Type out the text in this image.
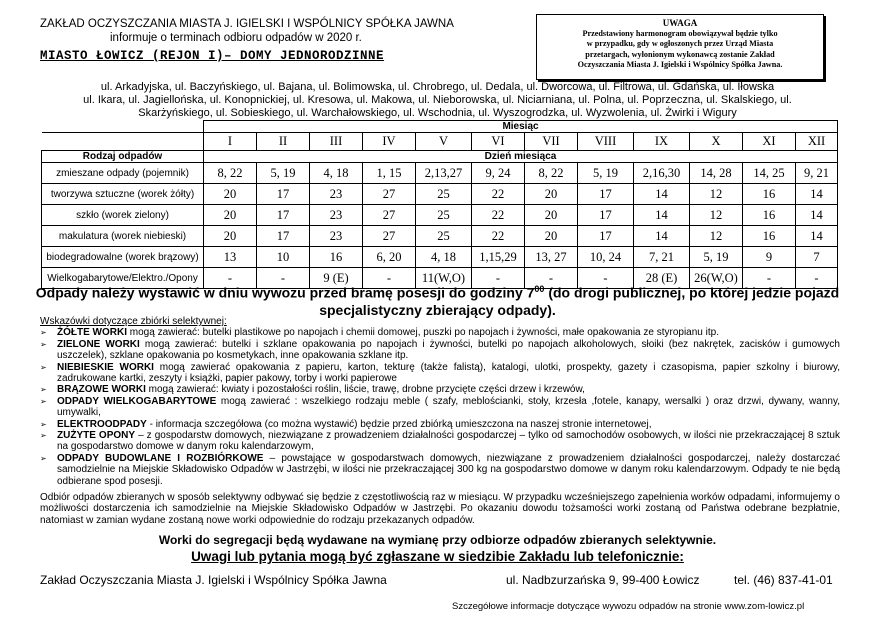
ZAKŁAD OCZYSZCZANIA MIASTA J. IGIELSKI I WSPÓLNICY SPÓŁKA JAWNA
informuje o terminach odbioru odpadów w 2020 r.
MIASTO ŁOWICZ (REJON I)– DOMY JEDNORODZINNE
UWAGA
Przedstawiony harmonogram obowiązywał będzie tylko
w przypadku, gdy w ogłoszonych przez Urząd Miasta
przetargach, wyłonionym wykonawcą zostanie Zakład
Oczyszczania Miasta J. Igielski i Wspólnicy Spółka Jawna.
ul. Arkadyjska, ul. Baczyńskiego, ul. Bajana, ul. Bolimowska, ul. Chrobrego, ul. Dedala, ul. Dworcowa, ul. Filtrowa, ul. Gdańska, ul. Iłowska
ul. Ikara, ul. Jagiellońska, ul. Konopnickiej, ul. Kresowa, ul. Makowa, ul. Nieborowska, ul. Niciarniana, ul. Polna, ul. Poprzeczna, ul. Skalskiego, ul.
Skarżyńskiego, ul. Sobieskiego, ul. Warchałowskiego, ul. Wschodnia, ul. Wyszogrodzka, ul. Wyzwolenia, ul. Żwirki i Wigury
	Miesiąc											
	I	II	III	IV	V	VI	VII	VIII	IX	X	XI	XII
Rodzaj odpadów	Dzień miesiąca											
zmieszane odpady (pojemnik)	8, 22	5, 19	4, 18	1, 15	2,13,27	9, 24	8, 22	5, 19	2,16,30	14, 28	14, 25	9, 21
tworzywa sztuczne (worek żółty)	20	17	23	27	25	22	20	17	14	12	16	14
szkło (worek zielony)	20	17	23	27	25	22	20	17	14	12	16	14
makulatura (worek niebieski)	20	17	23	27	25	22	20	17	14	12	16	14
biodegradowalne (worek brązowy)	13	10	16	6, 20	4, 18	1,15,29	13, 27	10, 24	7, 21	5, 19	9	7
Wielkogabarytowe/Elektro./Opony	-	-	9 (E)	-	11(W,O)	-	-	-	28 (E)	26(W,O)	-	-
Odpady należy wystawić w dniu wywozu przed bramę posesji do godziny $7^{00}$ (do drogi publicznej, po której jedzie pojazd
specjalistyczny zbierający odpady).
Wskazówki dotyczące zbiórki selektywnej:
➢	ŻÓŁTE WORKI mogą zawierać: butelki plastikowe po napojach i chemii domowej, puszki po napojach i żywności, małe opakowania ze styropianu itp.
➢	ZIELONE WORKI mogą zawierać: butelki i szklane opakowania po napojach i żywności, butelki po napojach alkoholowych, słoiki (bez nakrętek, zacisków i gumowych uszczelek), szklane opakowania po kosmetykach, inne opakowania szklane itp.
➢	NIEBIESKIE WORKI mogą zawierać opakowania z papieru, karton, tekturę (także falistą), katalogi, ulotki, prospekty, gazety i czasopisma, papier szkolny i biurowy, zadrukowane kartki, zeszyty i książki, papier pakowy, torby i worki papierowe
➢	BRĄZOWE WORKI mogą zawierać: kwiaty i pozostałości roślin, liście, trawę, drobne przycięte części drzew i krzewów,
➢	ODPADY WIELKOGABARYTOWE mogą zawierać : wszelkiego rodzaju meble ( szafy, meblościanki, stoły, krzesła ,fotele, kanapy, wersalki ) oraz drzwi, dywany, wanny, umywalki,
➢	ELEKTROODPADY - informacja szczegółowa (co można wystawić) będzie przed zbiórką umieszczona na naszej stronie internetowej,
➢	ZUŻYTE OPONY – z gospodarstw domowych, niezwiązane z prowadzeniem działalności gospodarczej – tylko od samochodów osobowych, w ilości nie przekraczającej 8 sztuk na gospodarstwo domowe w danym roku kalendarzowym,
➢	ODPADY BUDOWLANE I ROZBIÓRKOWE – powstające w gospodarstwach domowych, niezwiązane z prowadzeniem działalności gospodarczej, należy dostarczać samodzielnie na Miejskie Składowisko Odpadów w Jastrzębi, w ilości nie przekraczającej 300 kg na gospodarstwo domowe w danym roku kalendarzowym. Odpady te nie będą odbierane spod posesji.
Odbiór odpadów zbieranych w sposób selektywny odbywać się będzie z częstotliwością raz w miesiącu. W przypadku wcześniejszego zapełnienia worków odpadami, informujemy o możliwości dostarczenia ich samodzielnie na Miejskie Składowisko Odpadów w Jastrzębi. Po okazaniu dowodu tożsamości worki zostaną od Państwa odebrane bezpłatnie, natomiast w zamian wydane zostaną nowe worki odpowiednie do rodzaju przekazanych odpadów.
Worki do segregacji będą wydawane na wymianę przy odbiorze odpadów zbieranych selektywnie.
Uwagi lub pytania mogą być zgłaszane w siedzibie Zakładu lub telefonicznie:
Zakład Oczyszczania Miasta J. Igielski i Wspólnicy Spółka Jawna	ul. Nadbzurzańska 9, 99-400 Łowicz	tel. (46) 837-41-01
Szczegółowe informacje dotyczące wywozu odpadów na stronie www.zom-lowicz.pl
